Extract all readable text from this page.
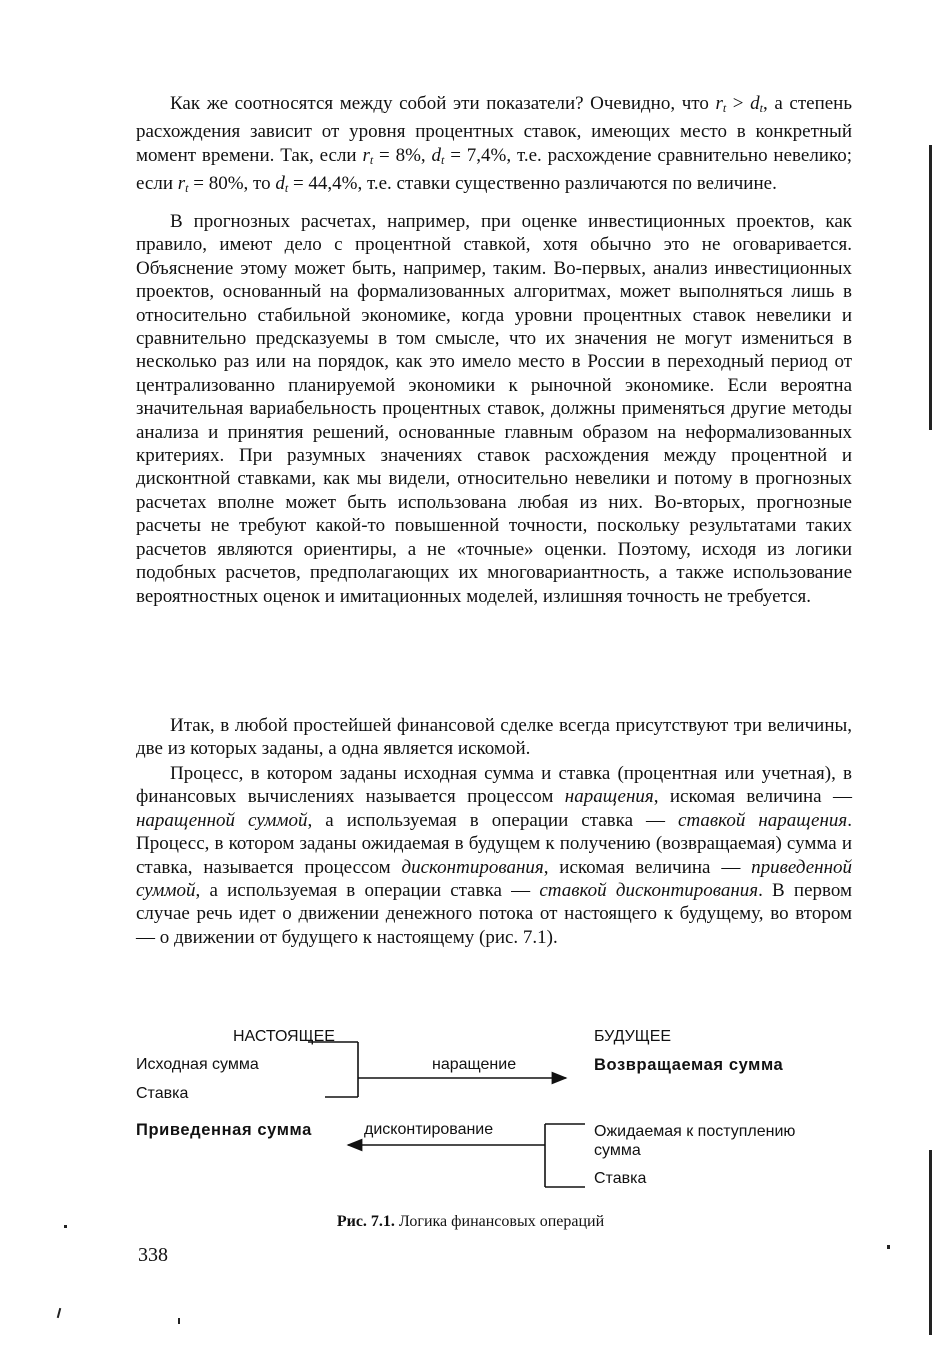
Как же соотносятся между собой эти показатели? Очевидно, что $r_t > d_t$, а степень расхождения зависит от уровня процентных ставок, имеющих место в конкретный момент времени. Так, если $r_t = 8\%$, $d_t = 7,4\%$, т.е. расхождение сравнительно невелико; если $r_t = 80\%$, то $d_t = 44,4\%$, т.е. ставки существенно различаются по величине.

В прогнозных расчетах, например, при оценке инвестиционных проектов, как правило, имеют дело с процентной ставкой, хотя обычно это не оговаривается. Объяснение этому может быть, например, таким. Во-первых, анализ инвестиционных проектов, основанный на формализованных алгоритмах, может выполняться лишь в относительно стабильной экономике, когда уровни процентных ставок невелики и сравнительно предсказуемы в том смысле, что их значения не могут измениться в несколько раз или на порядок, как это имело место в России в переходный период от централизованно планируемой экономики к рыночной экономике. Если вероятна значительная вариабельность процентных ставок, должны применяться другие методы анализа и принятия решений, основанные главным образом на неформализованных критериях. При разумных значениях ставок расхождения между процентной и дисконтной ставками, как мы видели, относительно невелики и потому в прогнозных расчетах вполне может быть использована любая из них. Во-вторых, прогнозные расчеты не требуют какой-то повышенной точности, поскольку результатами таких расчетов являются ориентиры, а не «точные» оценки. Поэтому, исходя из логики подобных расчетов, предполагающих их многовариантность, а также использование вероятностных оценок и имитационных моделей, излишняя точность не требуется.

Итак, в любой простейшей финансовой сделке всегда присутствуют три величины, две из которых заданы, а одна является искомой.

Процесс, в котором заданы исходная сумма и ставка (процентная или учетная), в финансовых вычислениях называется процессом наращения, искомая величина — наращенной суммой, а используемая в операции ставка — ставкой наращения. Процесс, в котором заданы ожидаемая в будущем к получению (возвращаемая) сумма и ставка, называется процессом дисконтирования, искомая величина — приведенной суммой, а используемая в операции ставка — ставкой дисконтирования. В первом случае речь идет о движении денежного потока от настоящего к будущему, во втором — о движении от будущего к настоящему (рис. 7.1).

НАСТОЯЩЕЕ	БУДУЩЕЕ
Исходная сумма
Ставка
наращение	Возвращаемая сумма
Приведенная сумма	дисконтирование	Ожидаемая к поступлению
сумма
Ставка
Рис. 7.1. Логика финансовых операций
338
